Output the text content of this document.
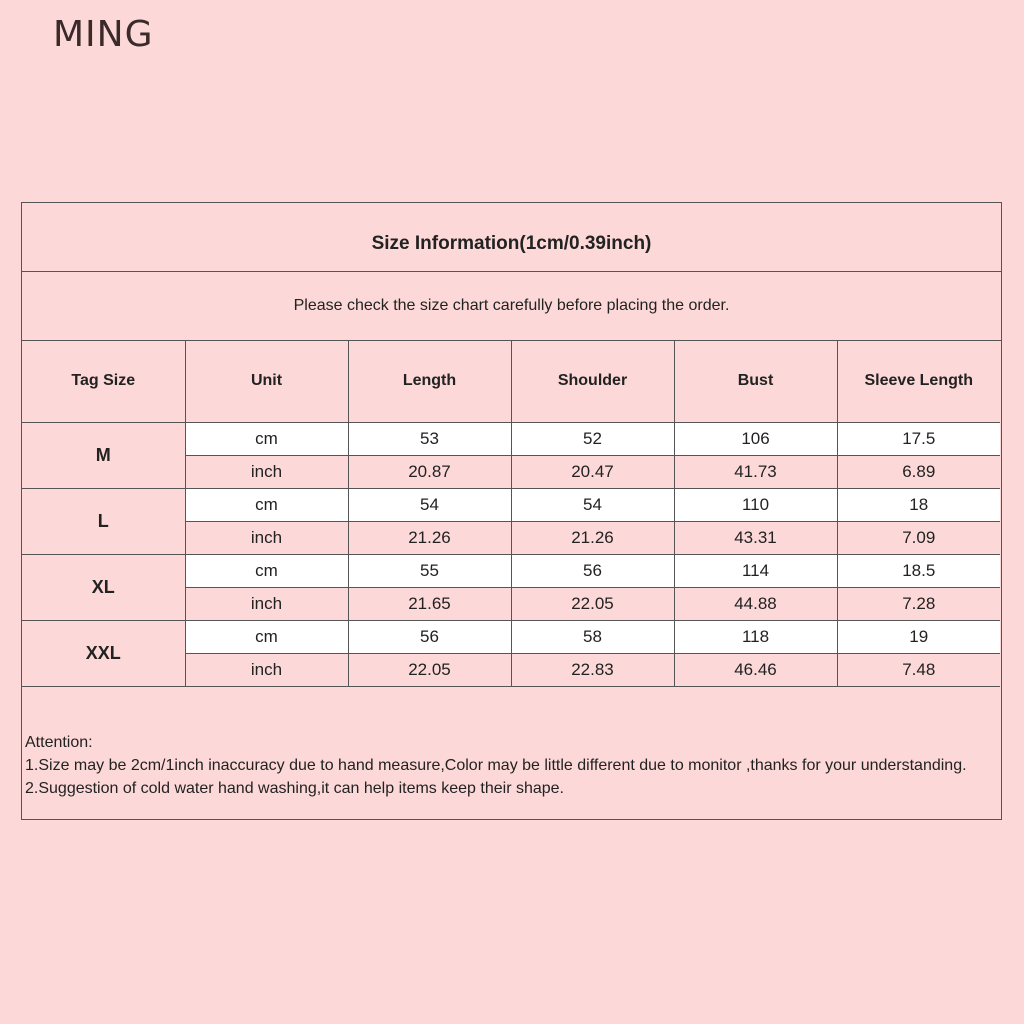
MING
Size Information(1cm/0.39inch)
Please check the size chart carefully before placing the order.
Tag Size	Unit	Length	Shoulder	Bust	Sleeve Length
M	cm	53	52	106	17.5
	inch	20.87	20.47	41.73	6.89
L	cm	54	54	110	18
	inch	21.26	21.26	43.31	7.09
XL	cm	55	56	114	18.5
	inch	21.65	22.05	44.88	7.28
XXL	cm	56	58	118	19
	inch	22.05	22.83	46.46	7.48

Attention:

1.Size may be 2cm/1inch inaccuracy due to hand measure,Color may be little different due to monitor ,thanks for your understanding.

2.Suggestion of cold water hand washing,it can help items keep their shape.
